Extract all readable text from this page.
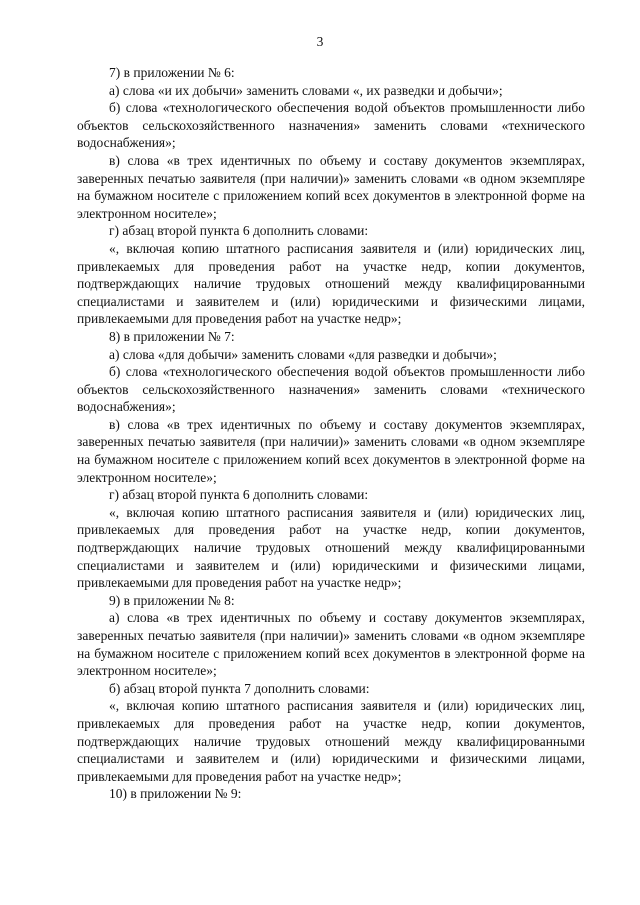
3

7) в приложении № 6:

а) слова «и их добычи» заменить словами «, их разведки и добычи»;

б) слова «технологического обеспечения водой объектов промышленности либо объектов сельскохозяйственного назначения» заменить словами «технического водоснабжения»;

в) слова «в трех идентичных по объему и составу документов экземплярах, заверенных печатью заявителя (при наличии)» заменить словами «в одном экземпляре на бумажном носителе с приложением копий всех документов в электронной форме на электронном носителе»;

г) абзац второй пункта 6 дополнить словами:

«, включая копию штатного расписания заявителя и (или) юридических лиц, привлекаемых для проведения работ на участке недр, копии документов, подтверждающих наличие трудовых отношений между квалифицированными специалистами и заявителем и (или) юридическими и физическими лицами, привлекаемыми для проведения работ на участке недр»;

8) в приложении № 7:

а) слова «для добычи» заменить словами «для разведки и добычи»;

б) слова «технологического обеспечения водой объектов промышленности либо объектов сельскохозяйственного назначения» заменить словами «технического водоснабжения»;

в) слова «в трех идентичных по объему и составу документов экземплярах, заверенных печатью заявителя (при наличии)» заменить словами «в одном экземпляре на бумажном носителе с приложением копий всех документов в электронной форме на электронном носителе»;

г) абзац второй пункта 6 дополнить словами:

«, включая копию штатного расписания заявителя и (или) юридических лиц, привлекаемых для проведения работ на участке недр, копии документов, подтверждающих наличие трудовых отношений между квалифицированными специалистами и заявителем и (или) юридическими и физическими лицами, привлекаемыми для проведения работ на участке недр»;

9) в приложении № 8:

а) слова «в трех идентичных по объему и составу документов экземплярах, заверенных печатью заявителя (при наличии)» заменить словами «в одном экземпляре на бумажном носителе с приложением копий всех документов в электронной форме на электронном носителе»;

б) абзац второй пункта 7 дополнить словами:

«, включая копию штатного расписания заявителя и (или) юридических лиц, привлекаемых для проведения работ на участке недр, копии документов, подтверждающих наличие трудовых отношений между квалифицированными специалистами и заявителем и (или) юридическими и физическими лицами, привлекаемыми для проведения работ на участке недр»;

10) в приложении № 9:
